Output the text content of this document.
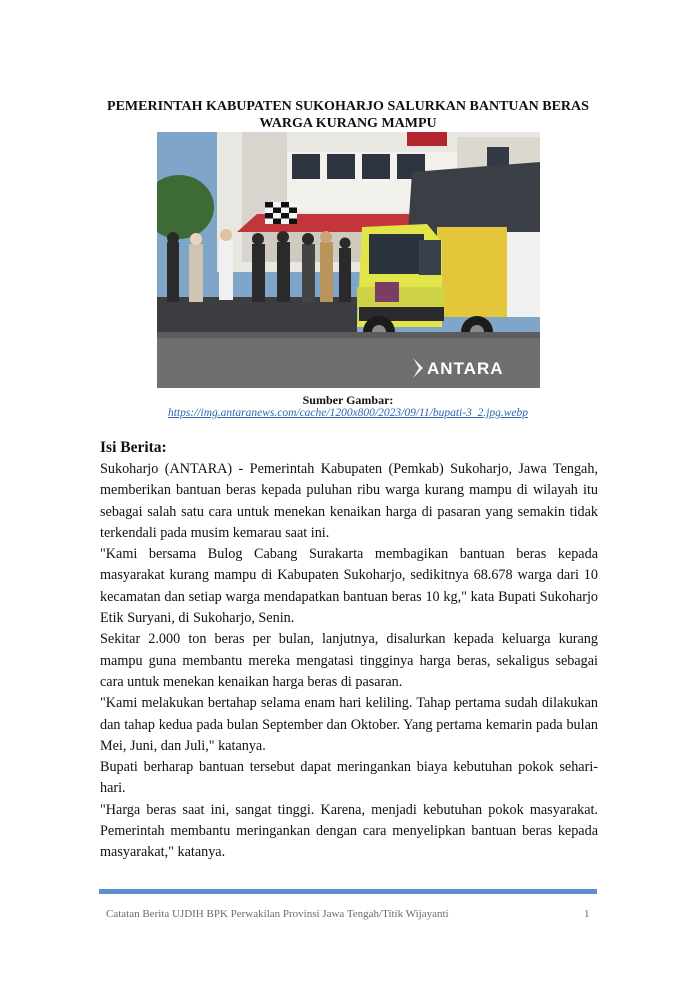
PEMERINTAH KABUPATEN SUKOHARJO SALURKAN BANTUAN BERAS WARGA KURANG MAMPU
ANTARA
Sumber Gambar:
https://img.antaranews.com/cache/1200x800/2023/09/11/bupati-3_2.jpg.webp
Isi Berita:

Sukoharjo (ANTARA) - Pemerintah Kabupaten (Pemkab) Sukoharjo, Jawa Tengah, memberikan bantuan beras kepada puluhan ribu warga kurang mampu di wilayah itu sebagai salah satu cara untuk menekan kenaikan harga di pasaran yang semakin tidak terkendali pada musim kemarau saat ini.

"Kami bersama Bulog Cabang Surakarta membagikan bantuan beras kepada masyarakat kurang mampu di Kabupaten Sukoharjo, sedikitnya 68.678 warga dari 10 kecamatan dan setiap warga mendapatkan bantuan beras 10 kg," kata Bupati Sukoharjo Etik Suryani, di Sukoharjo, Senin.

Sekitar 2.000 ton beras per bulan, lanjutnya, disalurkan kepada keluarga kurang mampu guna membantu mereka mengatasi tingginya harga beras, sekaligus sebagai cara untuk menekan kenaikan harga beras di pasaran.

"Kami melakukan bertahap selama enam hari keliling. Tahap pertama sudah dilakukan dan tahap kedua pada bulan September dan Oktober. Yang pertama kemarin pada bulan Mei, Juni, dan Juli," katanya.

Bupati berharap bantuan tersebut dapat meringankan biaya kebutuhan pokok sehari-hari.

"Harga beras saat ini, sangat tinggi. Karena, menjadi kebutuhan pokok masyarakat. Pemerintah membantu meringankan dengan cara menyelipkan bantuan beras kepada masyarakat," katanya.

Catatan Berita UJDIH BPK Perwakilan Provinsi Jawa Tengah/Titik Wijayanti	1
